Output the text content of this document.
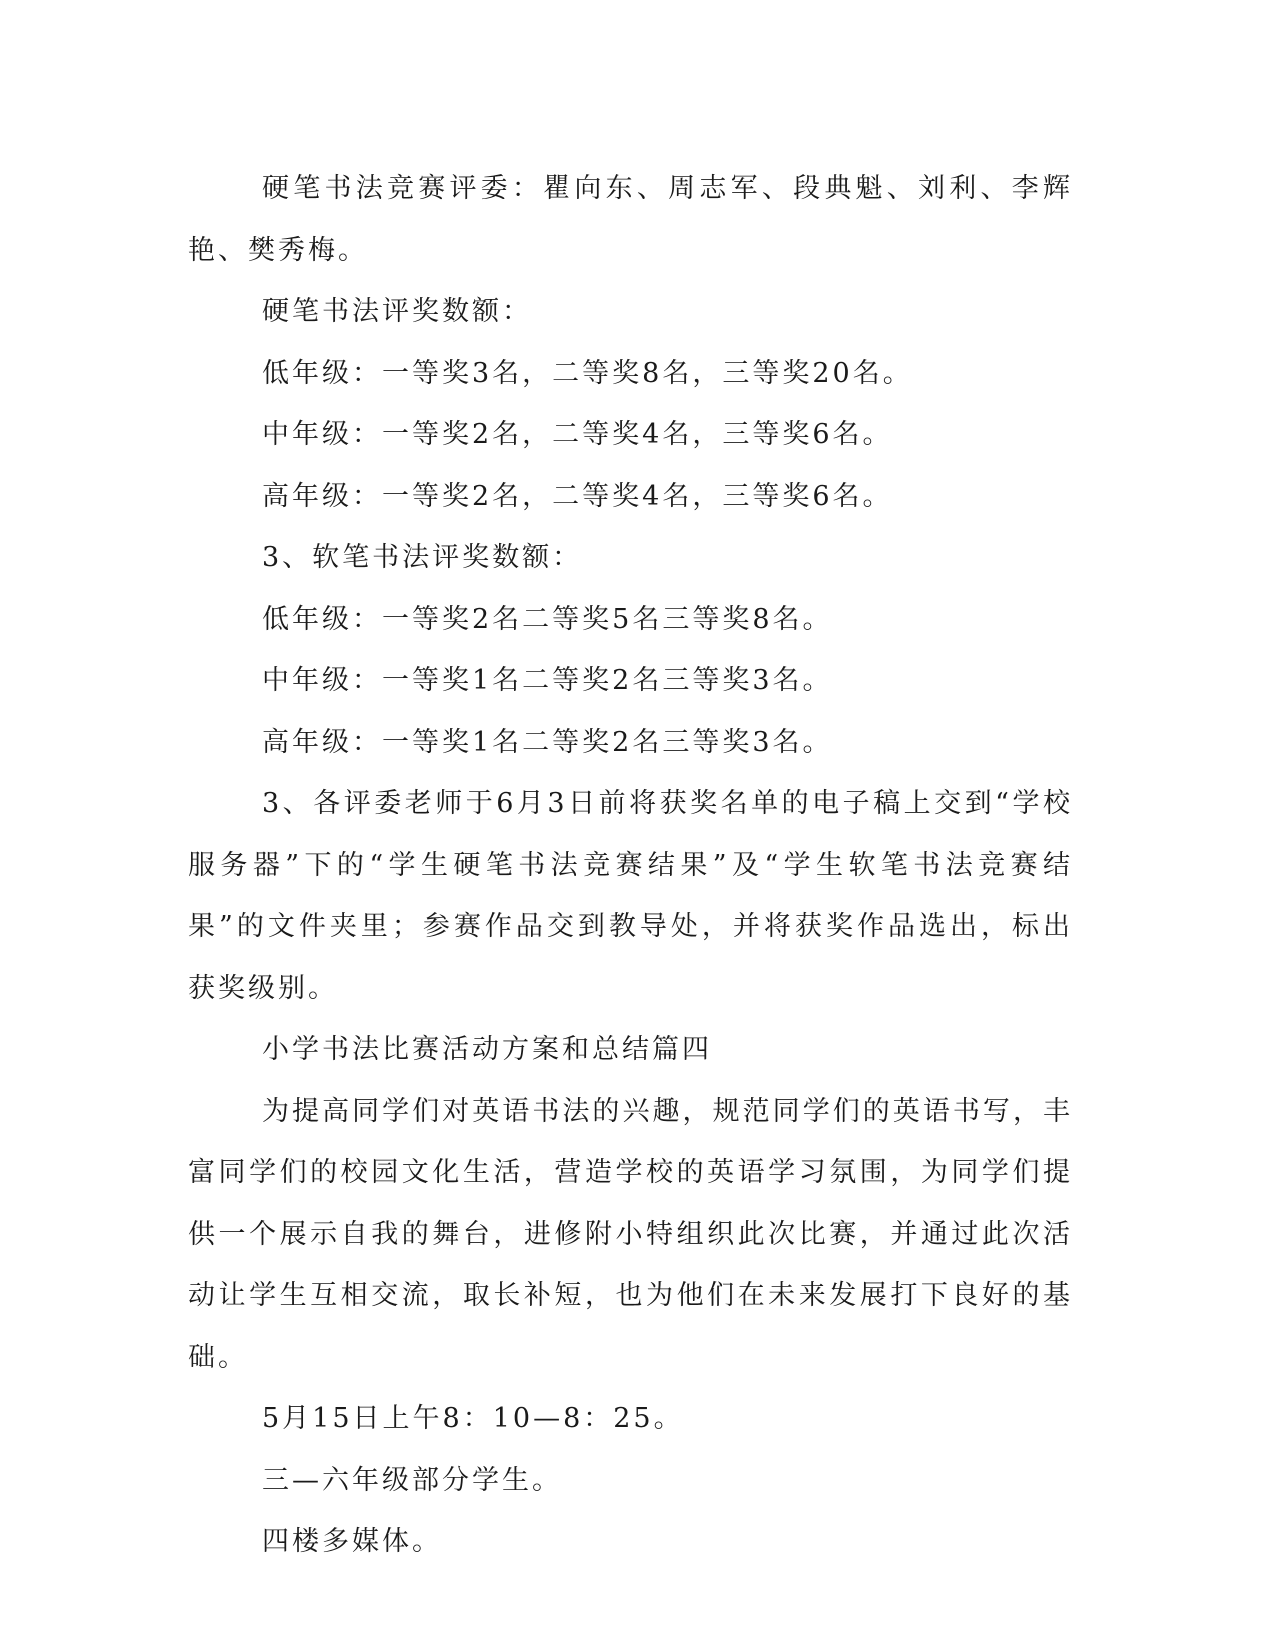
硬笔书法竞赛评委：瞿向东、周志军、段典魁、刘利、李辉艳、樊秀梅。

硬笔书法评奖数额：

低年级：一等奖3名，二等奖8名，三等奖20名。

中年级：一等奖2名，二等奖4名，三等奖6名。

高年级：一等奖2名，二等奖4名，三等奖6名。

3、软笔书法评奖数额：

低年级：一等奖2名二等奖5名三等奖8名。

中年级：一等奖1名二等奖2名三等奖3名。

高年级：一等奖1名二等奖2名三等奖3名。

3、各评委老师于6月3日前将获奖名单的电子稿上交到“学校服务器”下的“学生硬笔书法竞赛结果”及“学生软笔书法竞赛结果”的文件夹里；参赛作品交到教导处，并将获奖作品选出，标出获奖级别。

小学书法比赛活动方案和总结篇四

为提高同学们对英语书法的兴趣，规范同学们的英语书写，丰富同学们的校园文化生活，营造学校的英语学习氛围，为同学们提供一个展示自我的舞台，进修附小特组织此次比赛，并通过此次活动让学生互相交流，取长补短，也为他们在未来发展打下良好的基础。

5月15日上午8：10—8：25。

三—六年级部分学生。

四楼多媒体。
